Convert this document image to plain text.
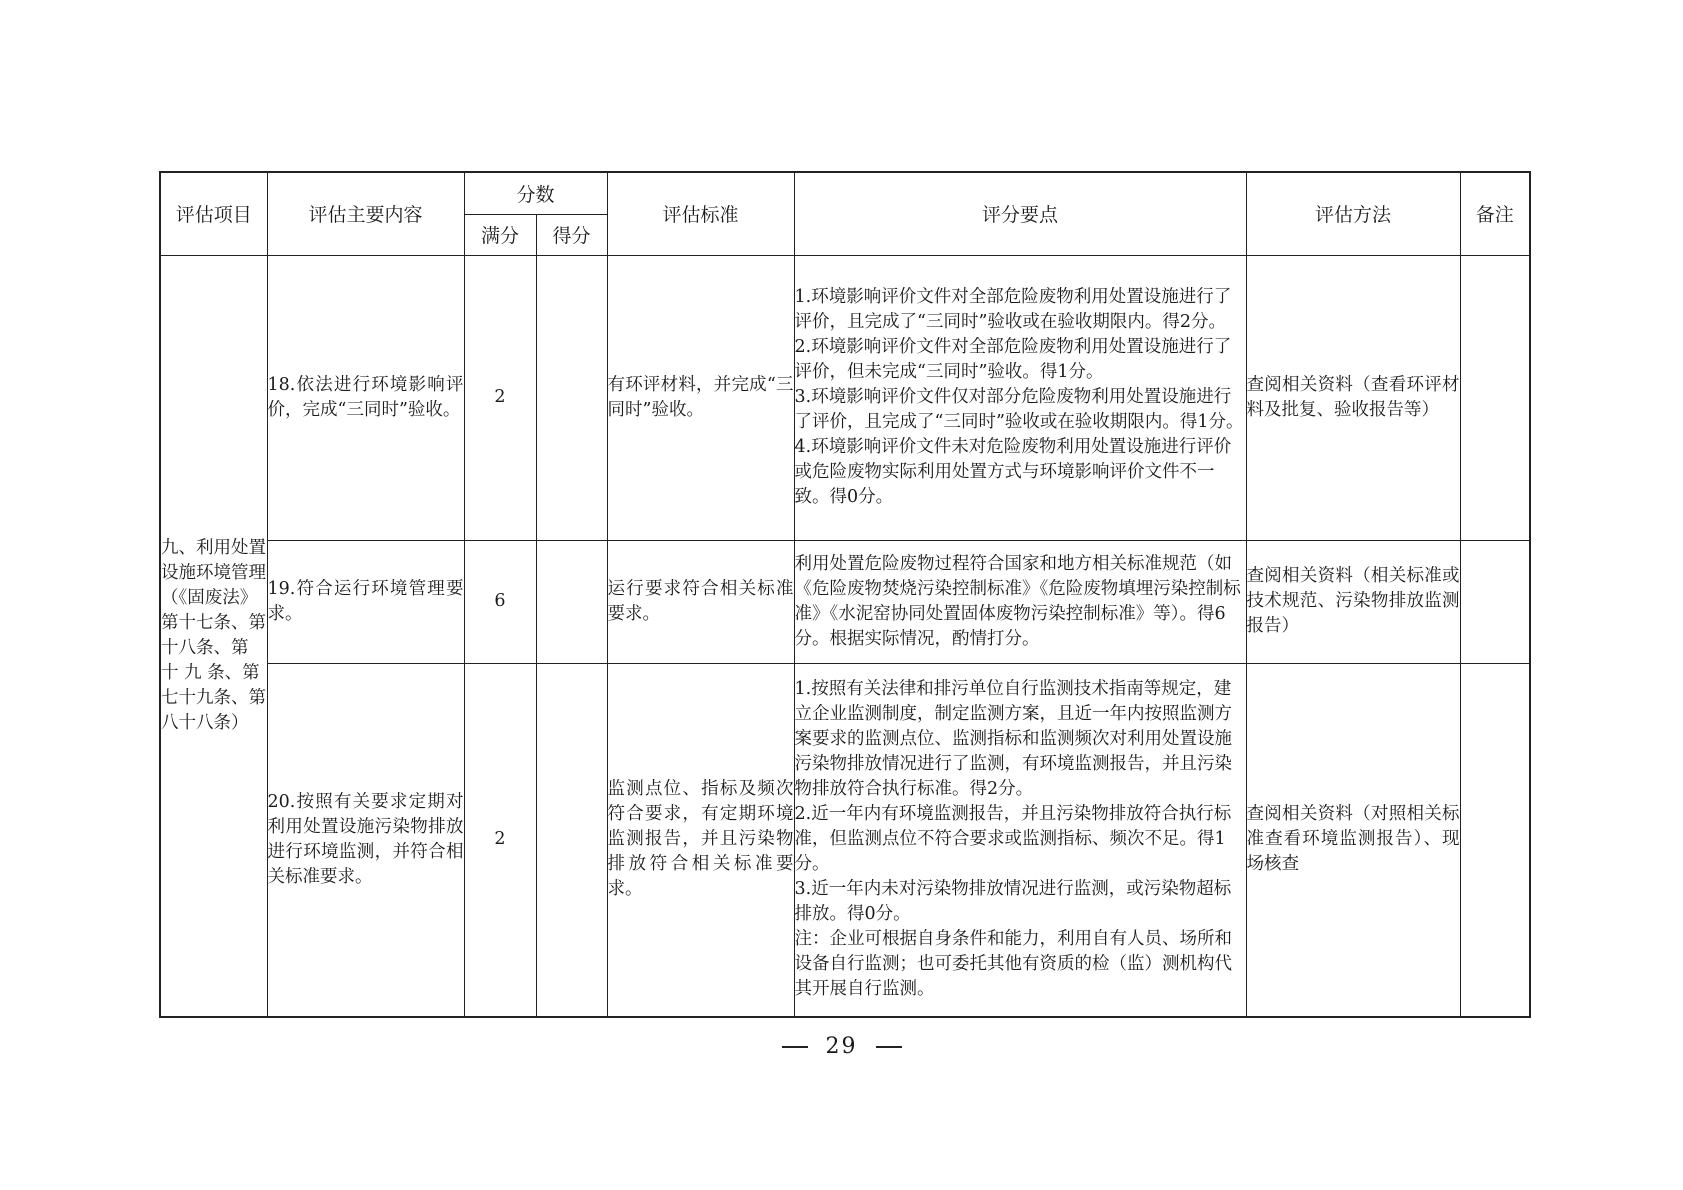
评估项目	评估主要内容	分数		评估标准	评分要点	评估方法	备注
		满分	得分				
九、利用处置设施环境管理（《固废法》第十七条、第十八条、第 十 九 条、第七十九条、第八十八条）	18.依法进行环境影响评价，完成“三同时”验收。	2		有环评材料，并完成“三同时”验收。	1.环境影响评价文件对全部危险废物利用处置设施进行了评价，且完成了“三同时”验收或在验收期限内。得2分。

2.环境影响评价文件对全部危险废物利用处置设施进行了评价，但未完成“三同时”验收。得1分。

3.环境影响评价文件仅对部分危险废物利用处置设施进行了评价，且完成了“三同时”验收或在验收期限内。得1分。

4.环境影响评价文件未对危险废物利用处置设施进行评价或危险废物实际利用处置方式与环境影响评价文件不一致。得0分。	查阅相关资料（查看环评材料及批复、验收报告等）	
	19.符合运行环境管理要求。	6		运行要求符合相关标准要求。	利用处置危险废物过程符合国家和地方相关标准规范（如《危险废物焚烧污染控制标准》《危险废物填埋污染控制标准》《水泥窑协同处置固体废物污染控制标准》等）。得6分。根据实际情况，酌情打分。	查阅相关资料（相关标准或技术规范、污染物排放监测报告）	
	20.按照有关要求定期对利用处置设施污染物排放进行环境监测，并符合相关标准要求。	2		监测点位、指标及频次符合要求，有定期环境监测报告，并且污染物排放符合相关标准要求。	1.按照有关法律和排污单位自行监测技术指南等规定，建立企业监测制度，制定监测方案，且近一年内按照监测方案要求的监测点位、监测指标和监测频次对利用处置设施污染物排放情况进行了监测，有环境监测报告，并且污染物排放符合执行标准。得2分。

2.近一年内有环境监测报告，并且污染物排放符合执行标准，但监测点位不符合要求或监测指标、频次不足。得1分。

3.近一年内未对污染物排放情况进行监测，或污染物超标排放。得0分。

注：企业可根据自身条件和能力，利用自有人员、场所和设备自行监测；也可委托其他有资质的检（监）测机构代其开展自行监测。	查阅相关资料（对照相关标准查看环境监测报告）、现场核查	
29
